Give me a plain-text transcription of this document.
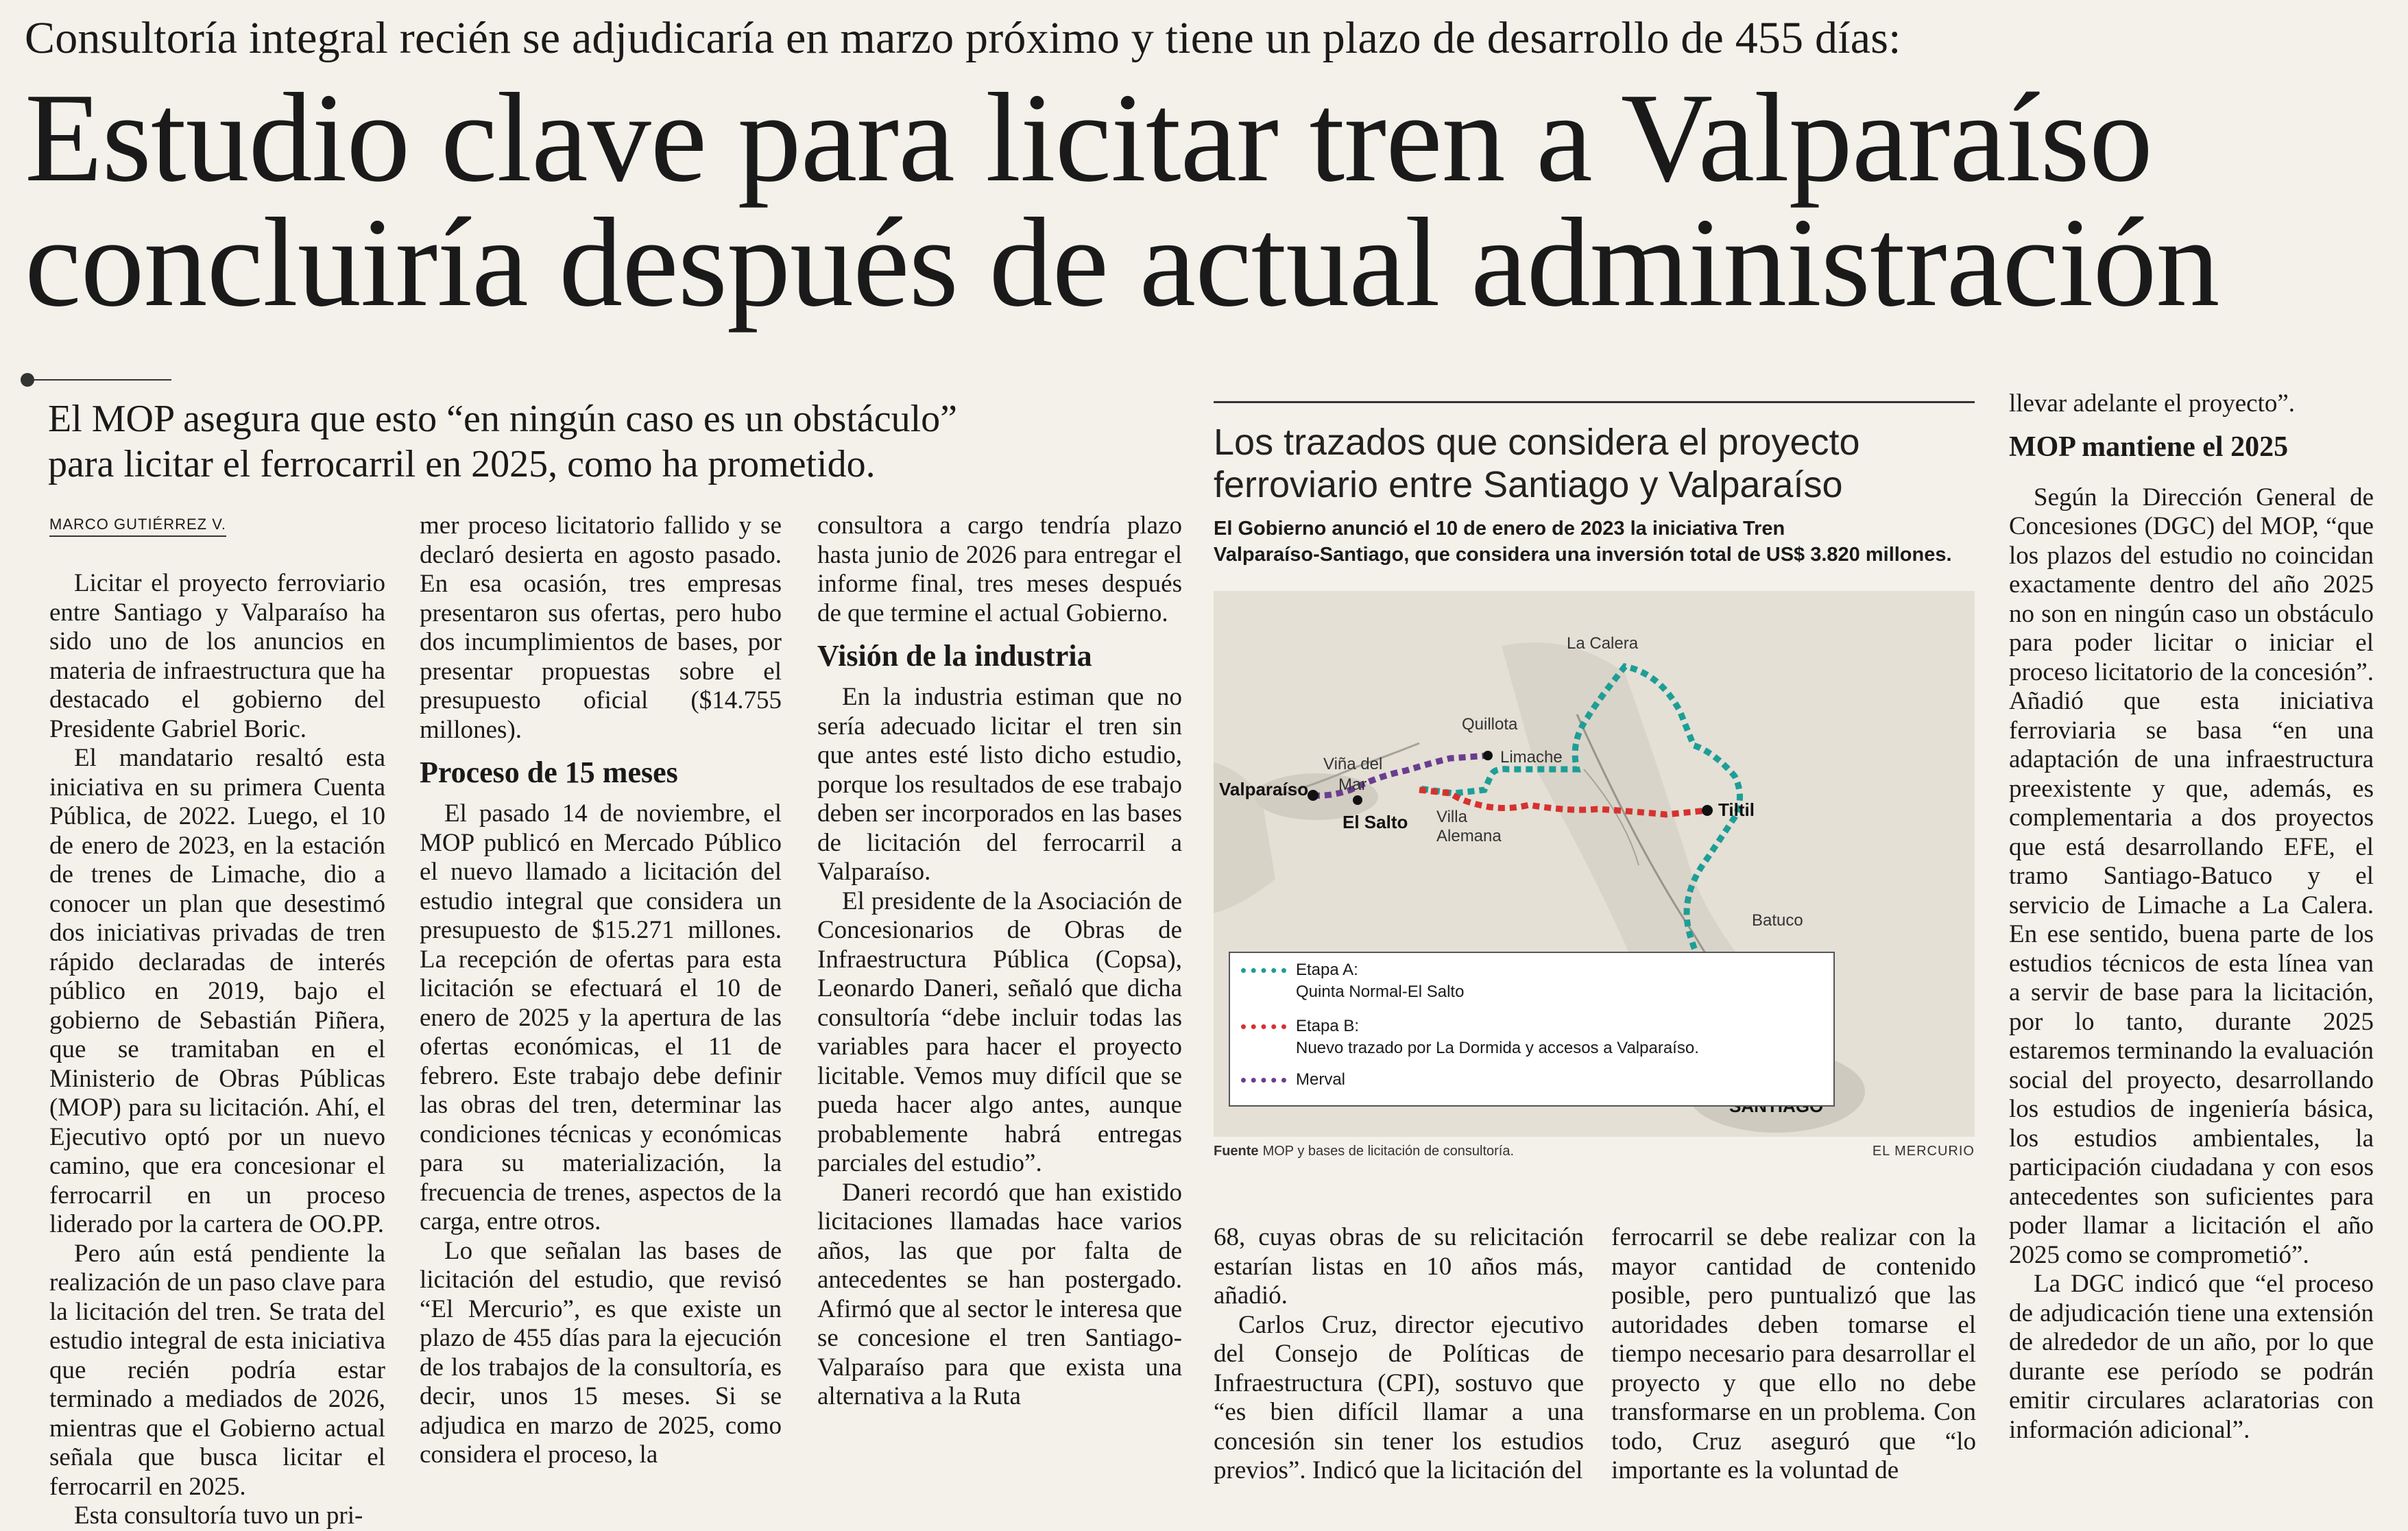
Consultoría integral recién se adjudicaría en marzo próximo y tiene un plazo de desarrollo de 455 días:
Estudio clave para licitar tren a Valparaíso
concluiría después de actual administración
El MOP asegura que esto “en ningún caso es un obstáculo”
para licitar el ferrocarril en 2025, como ha prometido.
MARCO GUTIÉRREZ V.

Licitar el proyecto ferroviario entre Santiago y Valparaíso ha sido uno de los anuncios en materia de infraestructura que ha destacado el gobierno del Presidente Gabriel Boric.

El mandatario resaltó esta iniciativa en su primera Cuenta Pública, de 2022. Luego, el 10 de enero de 2023, en la estación de trenes de Limache, dio a conocer un plan que desestimó dos iniciativas privadas de tren rápido declaradas de interés público en 2019, bajo el gobierno de Sebastián Piñera, que se tramitaban en el Ministerio de Obras Públicas (MOP) para su licitación. Ahí, el Ejecutivo optó por un nuevo camino, que era concesionar el ferrocarril en un proceso liderado por la cartera de OO.PP.

Pero aún está pendiente la realización de un paso clave para la licitación del tren. Se trata del estudio integral de esta iniciativa que recién podría estar terminado a mediados de 2026, mientras que el Gobierno actual señala que busca licitar el ferrocarril en 2025.

Esta consultoría tuvo un pri-

mer proceso licitatorio fallido y se declaró desierta en agosto pasado. En esa ocasión, tres empresas presentaron sus ofertas, pero hubo dos incumplimientos de bases, por presentar propuestas sobre el presupuesto oficial ($14.755 millones).

Proceso de 15 meses

El pasado 14 de noviembre, el MOP publicó en Mercado Público el nuevo llamado a licitación del estudio integral que considera un presupuesto de $15.271 millones. La recepción de ofertas para esta licitación se efectuará el 10 de enero de 2025 y la apertura de las ofertas económicas, el 11 de febrero. Este trabajo debe definir las obras del tren, determinar las condiciones técnicas y económicas para su materialización, la frecuencia de trenes, aspectos de la carga, entre otros.

Lo que señalan las bases de licitación del estudio, que revisó “El Mercurio”, es que existe un plazo de 455 días para la ejecución de los trabajos de la consultoría, es decir, unos 15 meses. Si se adjudica en marzo de 2025, como considera el proceso, la

consultora a cargo tendría plazo hasta junio de 2026 para entregar el informe final, tres meses después de que termine el actual Gobierno.

Visión de la industria

En la industria estiman que no sería adecuado licitar el tren sin que antes esté listo dicho estudio, porque los resultados de ese trabajo deben ser incorporados en las bases de licitación del ferrocarril a Valparaíso.

El presidente de la Asociación de Concesionarios de Obras de Infraestructura Pública (Copsa), Leonardo Daneri, señaló que dicha consultoría “debe incluir todas las variables para hacer el proyecto licitable. Vemos muy difícil que se pueda hacer algo antes, aunque probablemente habrá entregas parciales del estudio”.

Daneri recordó que han existido licitaciones llamadas hace varios años, las que por falta de antecedentes se han postergado. Afirmó que al sector le interesa que se concesione el tren Santiago-Valparaíso para que exista una alternativa a la Ruta

Los trazados que considera el proyecto
ferroviario entre Santiago y Valparaíso
El Gobierno anunció el 10 de enero de 2023 la iniciativa Tren
Valparaíso-Santiago, que considera una inversión total de US$ 3.820 millones.
La Calera
Quillota
Viña del
Mar
Limache
Valparaíso
El Salto Villa
Alemana
Tiltil
Batuco
Etapa A:
Quinta Normal-El Salto
Etapa B:
Nuevo trazado por La Dormida y accesos a Valparaíso.
Merval
Fuente MOP y bases de licitación de consultoría.	EL MERCURIO

68, cuyas obras de su relicitación estarían listas en 10 años más, añadió.

Carlos Cruz, director ejecutivo del Consejo de Políticas de Infraestructura (CPI), sostuvo que “es bien difícil llamar a una concesión sin tener los estudios previos”. Indicó que la licitación del

ferrocarril se debe realizar con la mayor cantidad de contenido posible, pero puntualizó que las autoridades deben tomarse el tiempo necesario para desarrollar el proyecto y que ello no debe transformarse en un problema. Con todo, Cruz aseguró que “lo importante es la voluntad de

llevar adelante el proyecto”.

MOP mantiene el 2025

Según la Dirección General de Concesiones (DGC) del MOP, “que los plazos del estudio no coincidan exactamente dentro del año 2025 no son en ningún caso un obstáculo para poder licitar o iniciar el proceso licitatorio de la concesión”. Añadió que esta iniciativa ferroviaria se basa “en una adaptación de una infraestructura preexistente y que, además, es complementaria a dos proyectos que está desarrollando EFE, el tramo Santiago-Batuco y el servicio de Limache a La Calera. En ese sentido, buena parte de los estudios técnicos de esta línea van a servir de base para la licitación, por lo tanto, durante 2025 estaremos terminando la evaluación social del proyecto, desarrollando los estudios de ingeniería básica, los estudios ambientales, la participación ciudadana y con esos antecedentes son suficientes para poder llamar a licitación el año 2025 como se comprometió”.

La DGC indicó que “el proceso de adjudicación tiene una extensión de alrededor de un año, por lo que durante ese período se podrán emitir circulares aclaratorias con información adicional”.
